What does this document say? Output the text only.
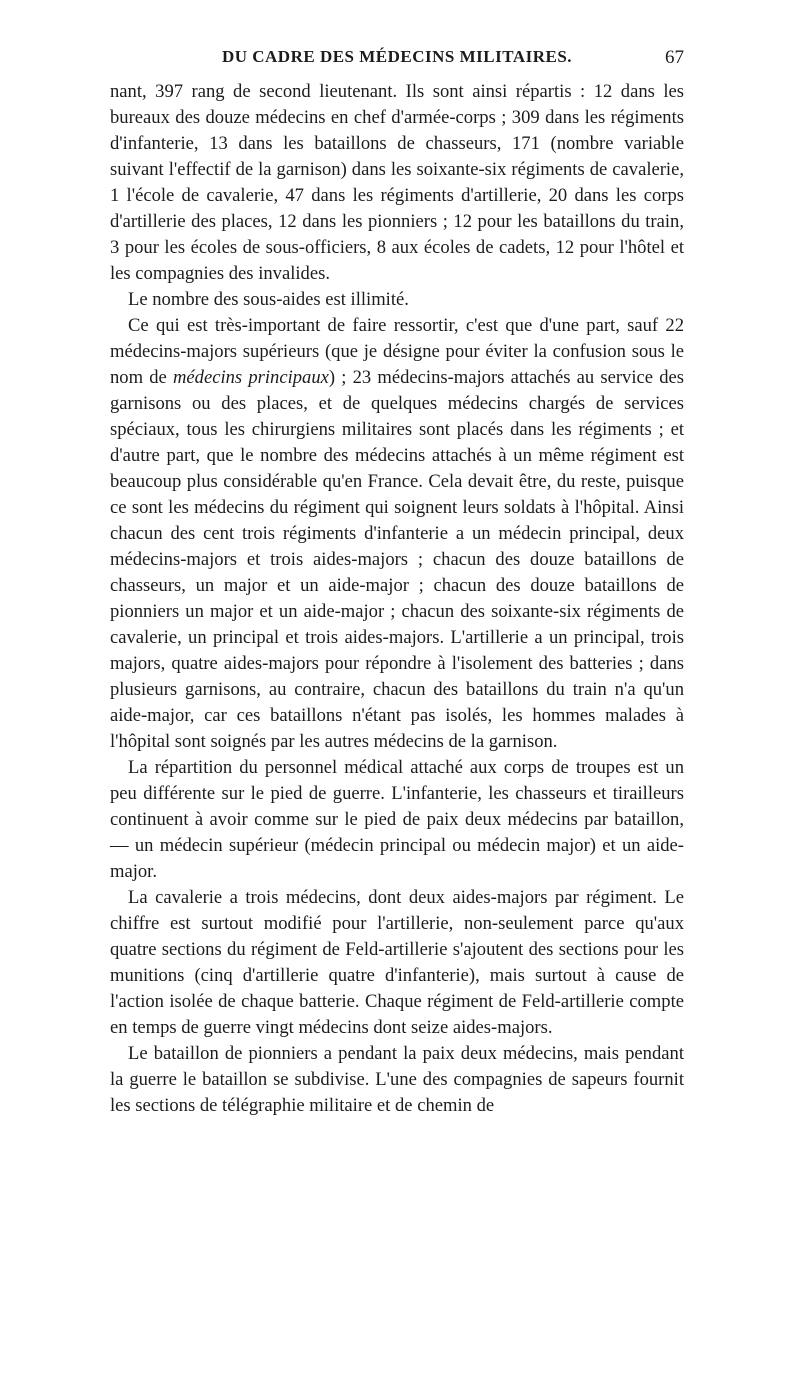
DU CADRE DES MÉDECINS MILITAIRES.	67

nant, 397 rang de second lieutenant. Ils sont ainsi répartis : 12 dans les bureaux des douze médecins en chef d'armée-corps ; 309 dans les régiments d'infanterie, 13 dans les bataillons de chasseurs, 171 (nombre variable suivant l'effectif de la garnison) dans les soixante-six régiments de cavalerie, 1 l'école de cavalerie, 47 dans les régiments d'artillerie, 20 dans les corps d'artillerie des places, 12 dans les pionniers ; 12 pour les bataillons du train, 3 pour les écoles de sous-officiers, 8 aux écoles de cadets, 12 pour l'hôtel et les compagnies des invalides.

Le nombre des sous-aides est illimité.

Ce qui est très-important de faire ressortir, c'est que d'une part, sauf 22 médecins-majors supérieurs (que je désigne pour éviter la confusion sous le nom de médecins principaux) ; 23 médecins-majors attachés au service des garnisons ou des places, et de quelques médecins chargés de services spéciaux, tous les chirurgiens militaires sont placés dans les régiments ; et d'autre part, que le nombre des médecins attachés à un même régiment est beaucoup plus considérable qu'en France. Cela devait être, du reste, puisque ce sont les médecins du régiment qui soignent leurs soldats à l'hôpital. Ainsi chacun des cent trois régiments d'infanterie a un médecin principal, deux médecins-majors et trois aides-majors ; chacun des douze bataillons de chasseurs, un major et un aide-major ; chacun des douze bataillons de pionniers un major et un aide-major ; chacun des soixante-six régiments de cavalerie, un principal et trois aides-majors. L'artillerie a un principal, trois majors, quatre aides-majors pour répondre à l'isolement des batteries ; dans plusieurs garnisons, au contraire, chacun des bataillons du train n'a qu'un aide-major, car ces bataillons n'étant pas isolés, les hommes malades à l'hôpital sont soignés par les autres médecins de la garnison.

La répartition du personnel médical attaché aux corps de troupes est un peu différente sur le pied de guerre. L'infanterie, les chasseurs et tirailleurs continuent à avoir comme sur le pied de paix deux médecins par bataillon, — un médecin supérieur (médecin principal ou médecin major) et un aide-major.

La cavalerie a trois médecins, dont deux aides-majors par régiment. Le chiffre est surtout modifié pour l'artillerie, non-seulement parce qu'aux quatre sections du régiment de Feld-artillerie s'ajoutent des sections pour les munitions (cinq d'artillerie quatre d'infanterie), mais surtout à cause de l'action isolée de chaque batterie. Chaque régiment de Feld-artillerie compte en temps de guerre vingt médecins dont seize aides-majors.

Le bataillon de pionniers a pendant la paix deux médecins, mais pendant la guerre le bataillon se subdivise. L'une des compagnies de sapeurs fournit les sections de télégraphie militaire et de chemin de
